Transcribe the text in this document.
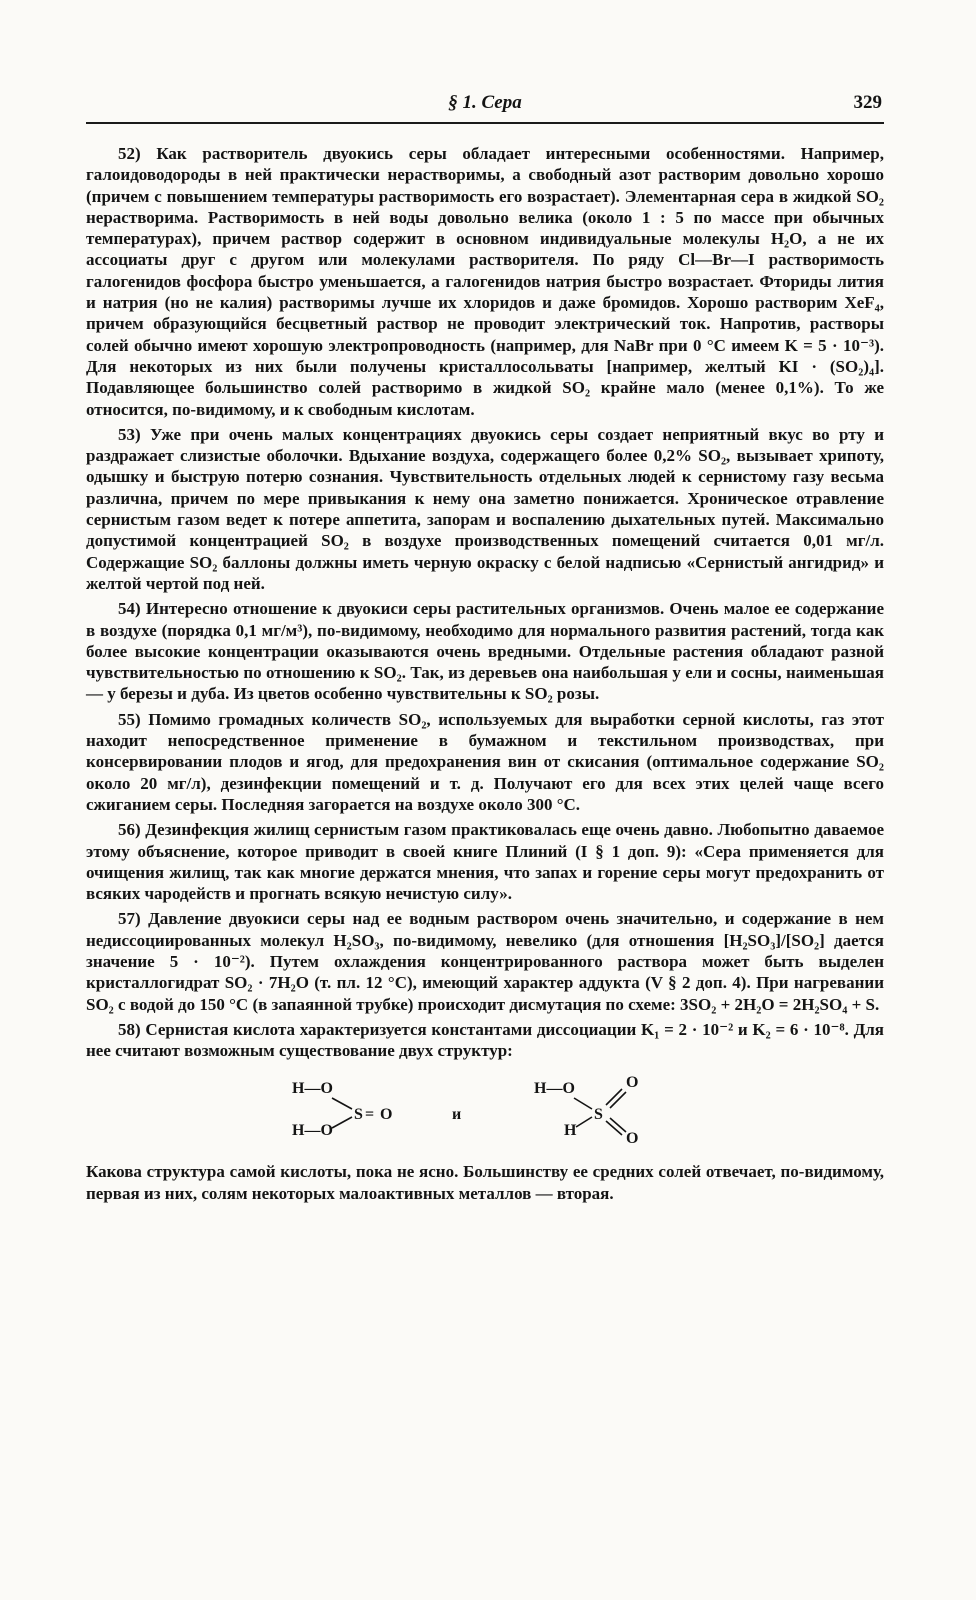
§ 1. Сера	329

52) Как растворитель двуокись серы обладает интересными особенностями. Например, галоидоводороды в ней практически нерастворимы, а свободный азот растворим довольно хорошо (причем с повышением температуры растворимость его возрастает). Элементарная сера в жидкой SO₂ нерастворима. Растворимость в ней воды довольно велика (около 1 : 5 по массе при обычных температурах), причем раствор содержит в основном индивидуальные молекулы H₂O, а не их ассоциаты друг с другом или молекулами растворителя. По ряду Cl—Br—I растворимость галогенидов фосфора быстро уменьшается, а галогенидов натрия быстро возрастает. Фториды лития и натрия (но не калия) растворимы лучше их хлоридов и даже бромидов. Хорошо растворим XeF₄, причем образующийся бесцветный раствор не проводит электрический ток. Напротив, растворы солей обычно имеют хорошую электропроводность (например, для NaBr при 0 °C имеем K = 5 · 10⁻³). Для некоторых из них были получены кристаллосольваты [например, желтый KI · (SO₂)₄]. Подавляющее большинство солей растворимо в жидкой SO₂ крайне мало (менее 0,1%). То же относится, по-видимому, и к свободным кислотам.

53) Уже при очень малых концентрациях двуокись серы создает неприятный вкус во рту и раздражает слизистые оболочки. Вдыхание воздуха, содержащего более 0,2% SO₂, вызывает хрипоту, одышку и быструю потерю сознания. Чувствительность отдельных людей к сернистому газу весьма различна, причем по мере привыкания к нему она заметно понижается. Хроническое отравление сернистым газом ведет к потере аппетита, запорам и воспалению дыхательных путей. Максимально допустимой концентрацией SO₂ в воздухе производственных помещений считается 0,01 мг/л. Содержащие SO₂ баллоны должны иметь черную окраску с белой надписью «Сернистый ангидрид» и желтой чертой под ней.

54) Интересно отношение к двуокиси серы растительных организмов. Очень малое ее содержание в воздухе (порядка 0,1 мг/м³), по-видимому, необходимо для нормального развития растений, тогда как более высокие концентрации оказываются очень вредными. Отдельные растения обладают разной чувствительностью по отношению к SO₂. Так, из деревьев она наибольшая у ели и сосны, наименьшая — у березы и дуба. Из цветов особенно чувствительны к SO₂ розы.

55) Помимо громадных количеств SO₂, используемых для выработки серной кислоты, газ этот находит непосредственное применение в бумажном и текстильном производствах, при консервировании плодов и ягод, для предохранения вин от скисания (оптимальное содержание SO₂ около 20 мг/л), дезинфекции помещений и т. д. Получают его для всех этих целей чаще всего сжиганием серы. Последняя загорается на воздухе около 300 °C.

56) Дезинфекция жилищ сернистым газом практиковалась еще очень давно. Любопытно даваемое этому объяснение, которое приводит в своей книге Плиний (I § 1 доп. 9): «Сера применяется для очищения жилищ, так как многие держатся мнения, что запах и горение серы могут предохранить от всяких чародейств и прогнать всякую нечистую силу».

57) Давление двуокиси серы над ее водным раствором очень значительно, и содержание в нем недиссоциированных молекул H₂SO₃, по-видимому, невелико (для отношения [H₂SO₃]/[SO₂] дается значение 5 · 10⁻²). Путем охлаждения концентрированного раствора может быть выделен кристаллогидрат SO₂ · 7H₂O (т. пл. 12 °C), имеющий характер аддукта (V § 2 доп. 4). При нагревании SO₂ с водой до 150 °C (в запаянной трубке) происходит дисмутация по схеме: 3SO₂ + 2H₂O = 2H₂SO₄ + S.

58) Сернистая кислота характеризуется константами диссоциации K₁ = 2 · 10⁻² и K₂ = 6 · 10⁻⁸. Для нее считают возможным существование двух структур:

H—O
H—O
S = O	и
H—O
H
S
O
O

Какова структура самой кислоты, пока не ясно. Большинству ее средних солей отвечает, по-видимому, первая из них, солям некоторых малоактивных металлов — вторая.
